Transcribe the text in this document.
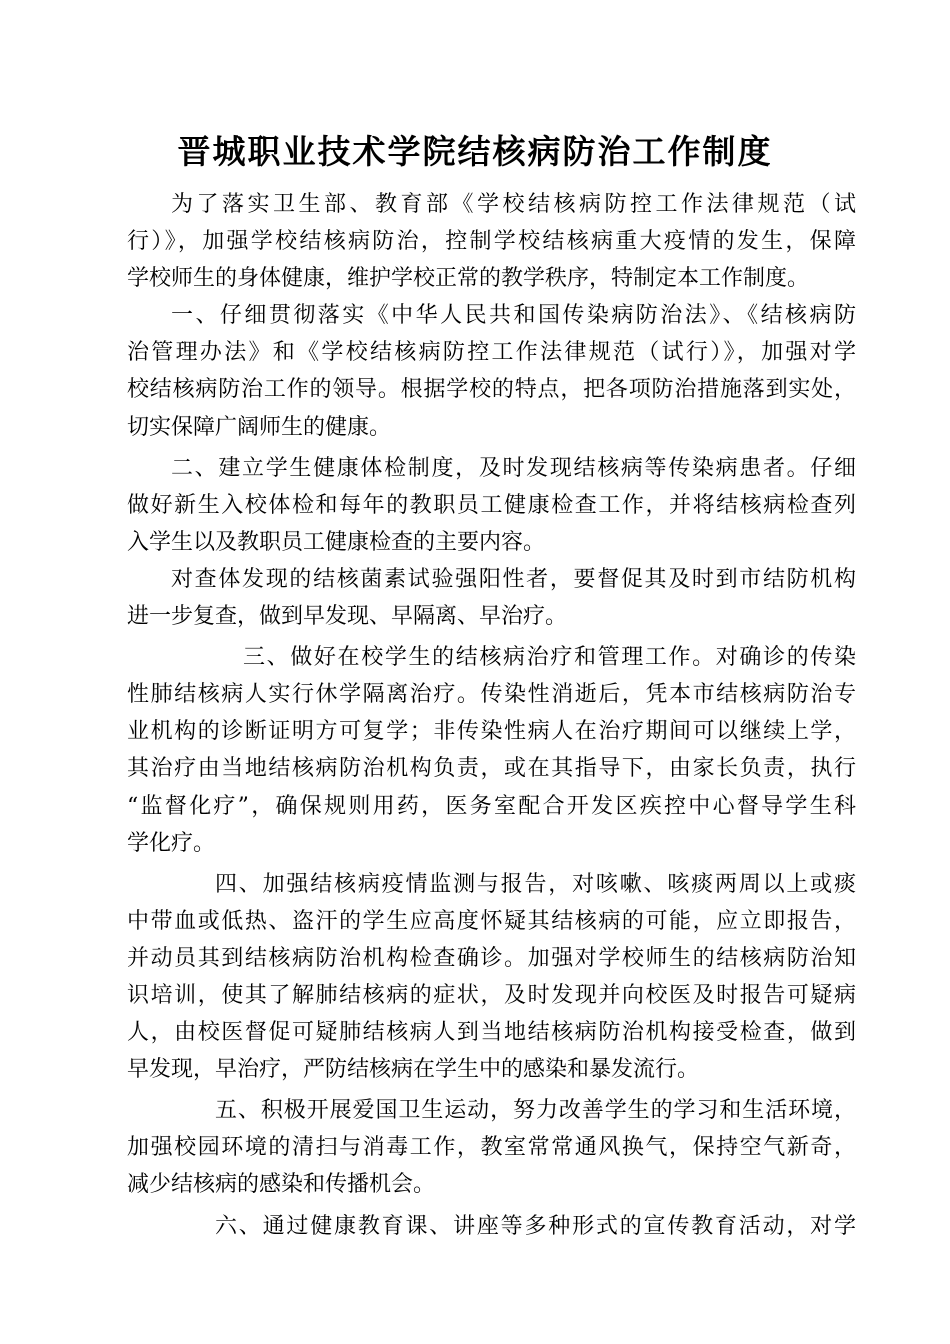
晋城职业技术学院结核病防治工作制度
为了落实卫生部、教育部《学校结核病防控工作法律规范（试
行）》，加强学校结核病防治，控制学校结核病重大疫情的发生，保障
学校师生的身体健康，维护学校正常的教学秩序，特制定本工作制度。
一、仔细贯彻落实《中华人民共和国传染病防治法》、《结核病防
治管理办法》和《学校结核病防控工作法律规范（试行）》，加强对学
校结核病防治工作的领导。根据学校的特点，把各项防治措施落到实处，
切实保障广阔师生的健康。
二、建立学生健康体检制度，及时发现结核病等传染病患者。仔细
做好新生入校体检和每年的教职员工健康检查工作，并将结核病检查列
入学生以及教职员工健康检查的主要内容。
对查体发现的结核菌素试验强阳性者，要督促其及时到市结防机构
进一步复查，做到早发现、早隔离、早治疗。
三、做好在校学生的结核病治疗和管理工作。对确诊的传染
性肺结核病人实行休学隔离治疗。传染性消逝后，凭本市结核病防治专
业机构的诊断证明方可复学；非传染性病人在治疗期间可以继续上学，
其治疗由当地结核病防治机构负责，或在其指导下，由家长负责，执行
“监督化疗”，确保规则用药，医务室配合开发区疾控中心督导学生科
学化疗。
四、加强结核病疫情监测与报告，对咳嗽、咳痰两周以上或痰
中带血或低热、盗汗的学生应高度怀疑其结核病的可能，应立即报告，
并动员其到结核病防治机构检查确诊。加强对学校师生的结核病防治知
识培训，使其了解肺结核病的症状，及时发现并向校医及时报告可疑病
人，由校医督促可疑肺结核病人到当地结核病防治机构接受检查，做到
早发现，早治疗，严防结核病在学生中的感染和暴发流行。
五、积极开展爱国卫生运动，努力改善学生的学习和生活环境，
加强校园环境的清扫与消毒工作，教室常常通风换气，保持空气新奇，
减少结核病的感染和传播机会。
六、通过健康教育课、讲座等多种形式的宣传教育活动，对学
